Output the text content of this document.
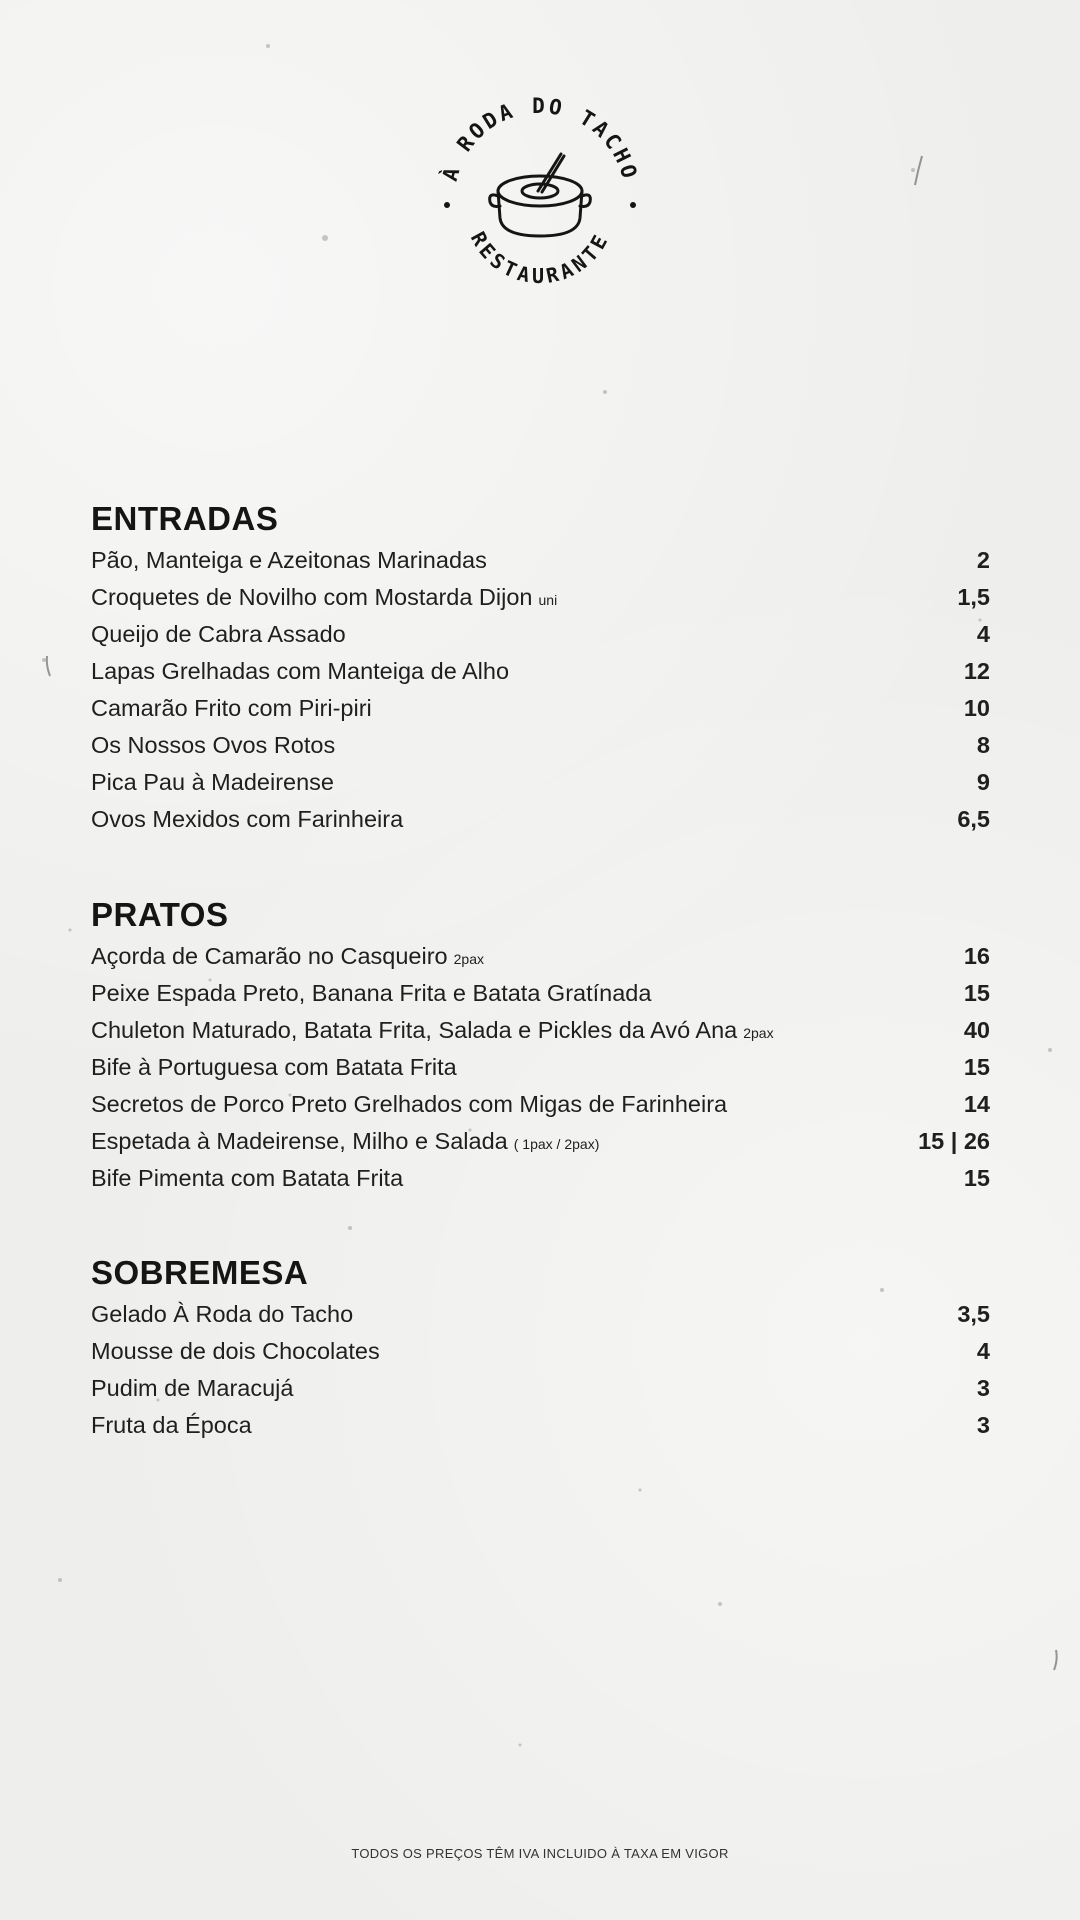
À RODA DO TACHO
RESTAURANTE
ENTRADAS
Pão, Manteiga e Azeitonas Marinadas	2
Croquetes de Novilho com Mostarda Dijon uni	1,5
Queijo de Cabra Assado	4
Lapas Grelhadas com Manteiga de Alho	12
Camarão Frito com Piri-piri	10
Os Nossos Ovos Rotos	8
Pica Pau à Madeirense	9
Ovos Mexidos com Farinheira	6,5
PRATOS
Açorda de Camarão no Casqueiro 2pax	16
Peixe Espada Preto, Banana Frita e Batata Gratínada	15
Chuleton Maturado, Batata Frita, Salada e Pickles da Avó Ana 2pax	40
Bife à Portuguesa com Batata Frita	15
Secretos de Porco Preto Grelhados com Migas de Farinheira	14
Espetada à Madeirense, Milho e Salada ( 1pax / 2pax)	15 | 26
Bife Pimenta com Batata Frita	15
SOBREMESA
Gelado À Roda do Tacho	3,5
Mousse de dois Chocolates	4
Pudim de Maracujá	3
Fruta da Época	3
TODOS OS PREÇOS TÊM IVA INCLUIDO À TAXA EM VIGOR
